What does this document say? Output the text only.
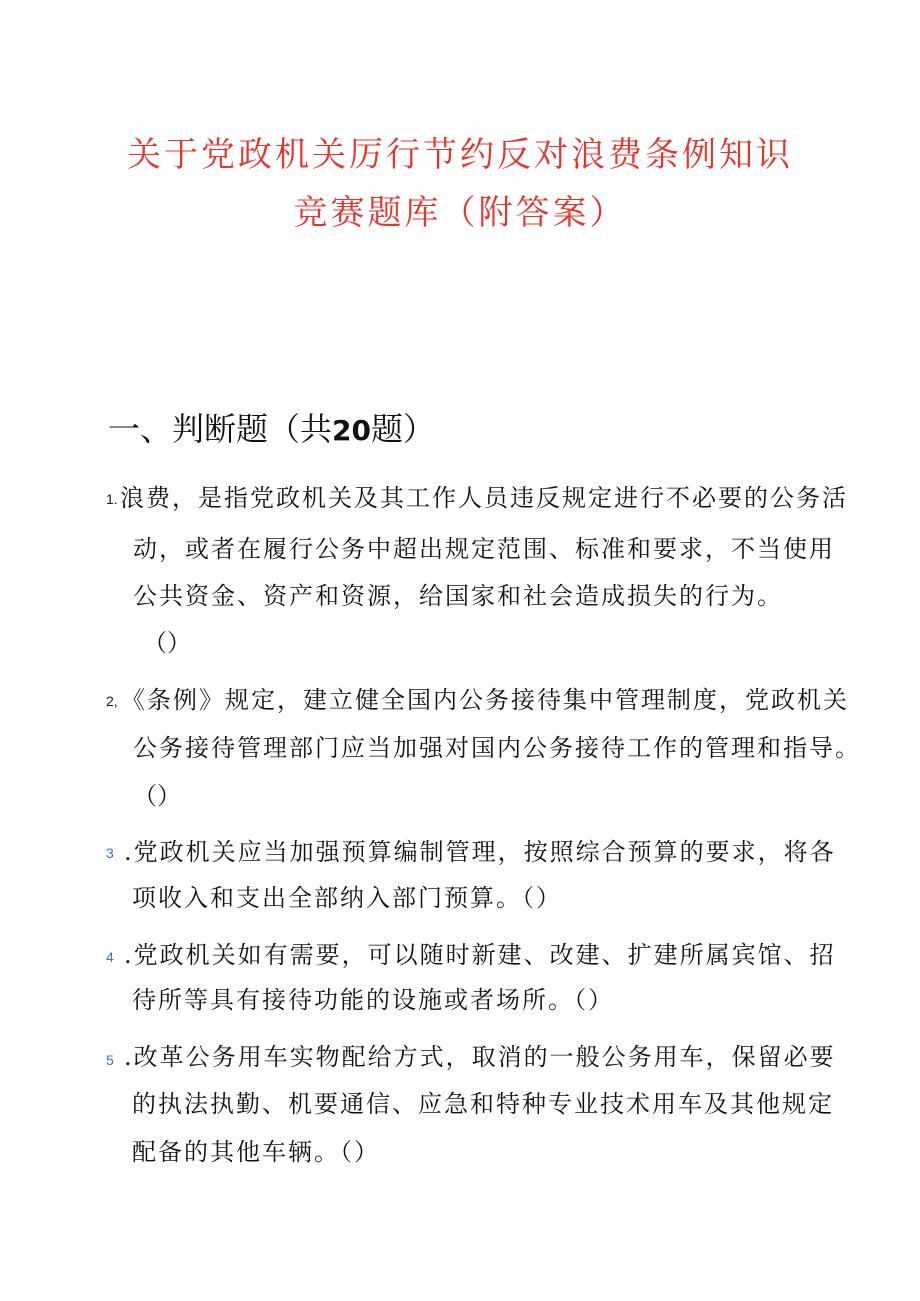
关于党政机关厉行节约反对浪费条例知识
竞赛题库（附答案）
一、判断题（共20题）
1. 浪费，是指党政机关及其工作人员违反规定进行不必要的公务活
动，或者在履行公务中超出规定范围、标准和要求，不当使用
公共资金、资产和资源，给国家和社会造成损失的行为。
（）
2, 《条例》规定，建立健全国内公务接待集中管理制度，党政机关
公务接待管理部门应当加强对国内公务接待工作的管理和指导。
（）
3 .党政机关应当加强预算编制管理，按照综合预算的要求，将各
项收入和支出全部纳入部门预算。（）
4 .党政机关如有需要，可以随时新建、改建、扩建所属宾馆、招
待所等具有接待功能的设施或者场所。（）
5 .改革公务用车实物配给方式，取消的一般公务用车，保留必要
的执法执勤、机要通信、应急和特种专业技术用车及其他规定
配备的其他车辆。（）
